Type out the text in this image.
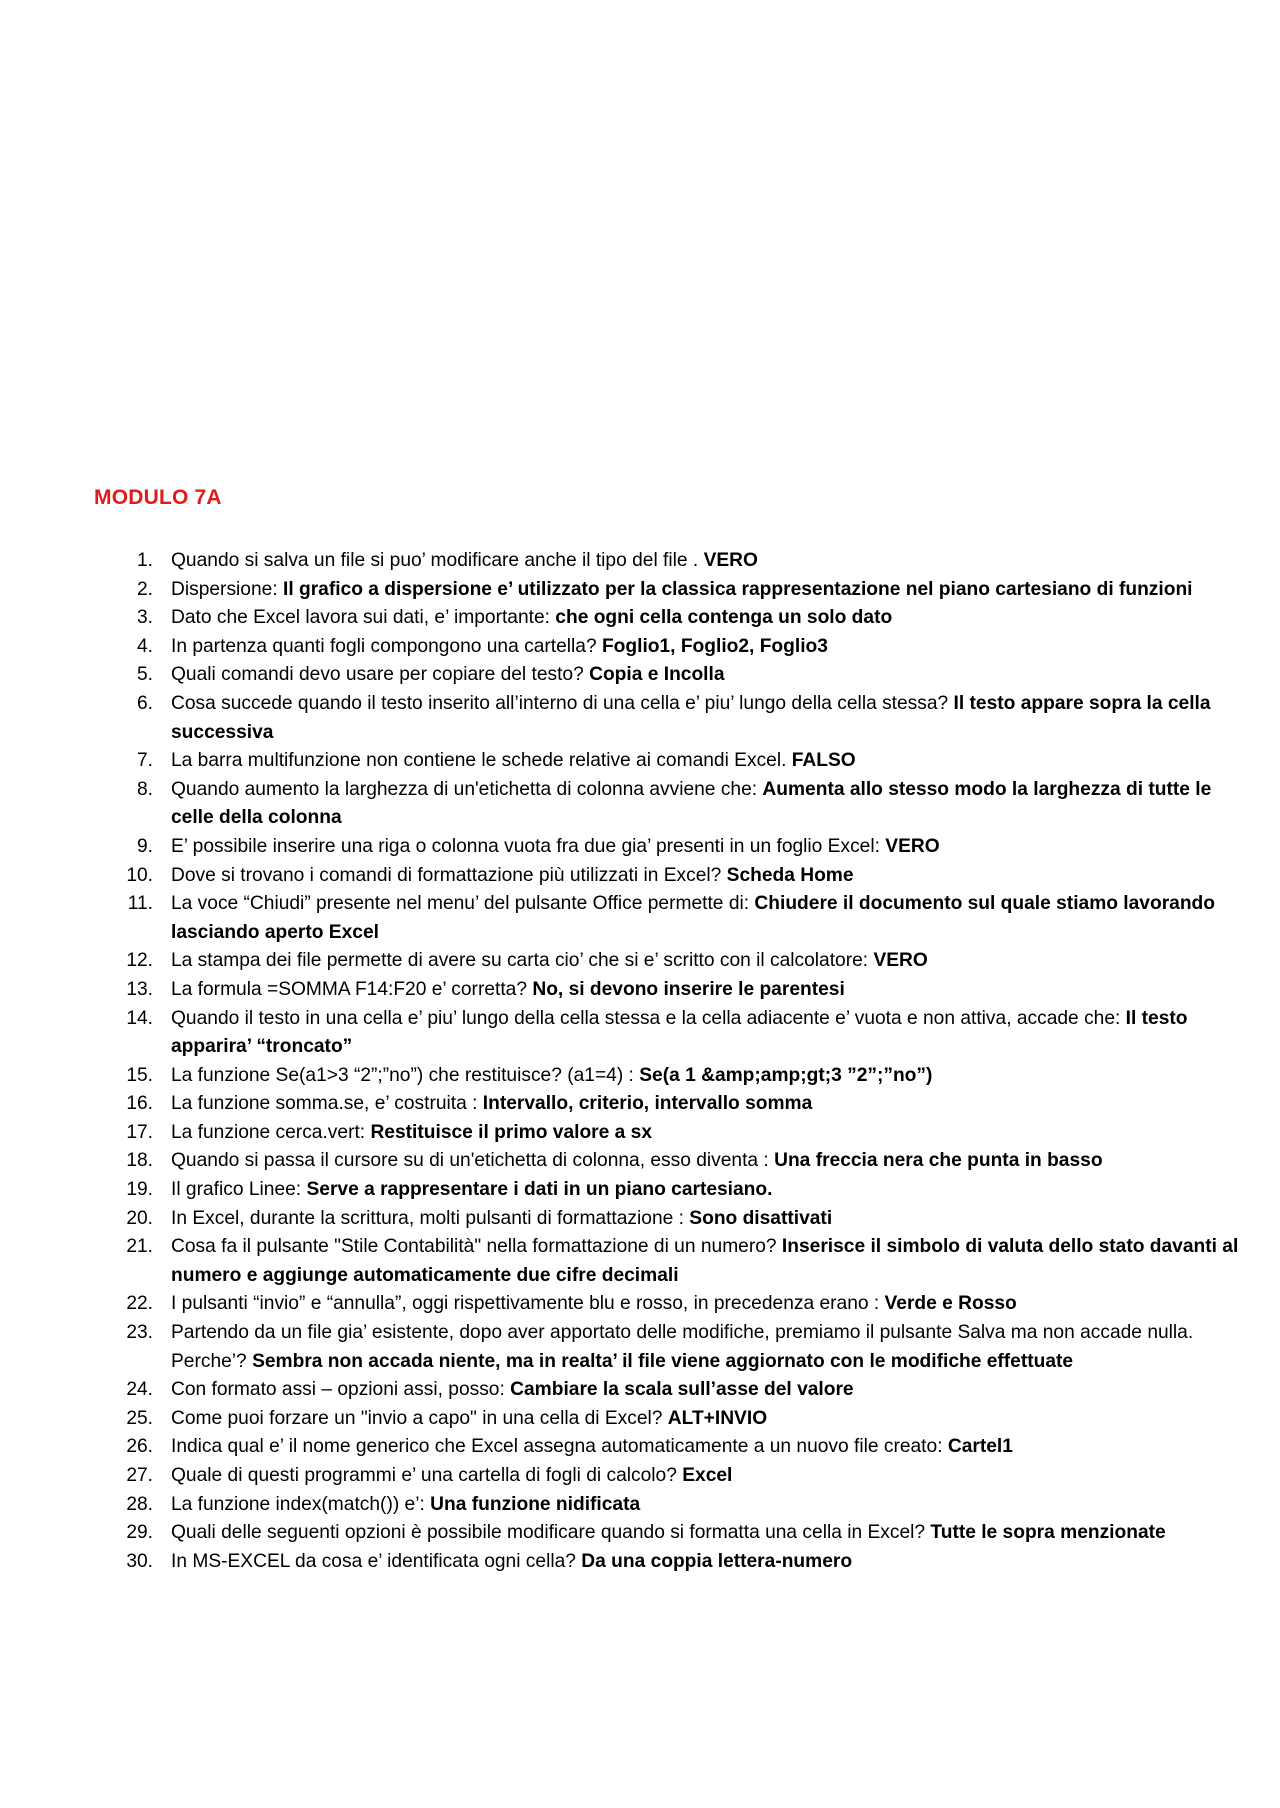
MODULO 7A
1. Quando si salva un file si puo’ modificare anche il tipo del file . VERO
2. Dispersione: Il grafico a dispersione e’ utilizzato per la classica rappresentazione nel piano cartesiano di funzioni
3. Dato che Excel lavora sui dati, e’ importante: che ogni cella contenga un solo dato
4. In partenza quanti fogli compongono una cartella? Foglio1, Foglio2, Foglio3
5. Quali comandi devo usare per copiare del testo? Copia e Incolla
6. Cosa succede quando il testo inserito all’interno di una cella e’ piu’ lungo della cella stessa? Il testo appare sopra la cella successiva
7. La barra multifunzione non contiene le schede relative ai comandi Excel. FALSO
8. Quando aumento la larghezza di un'etichetta di colonna avviene che: Aumenta allo stesso modo la larghezza di tutte le celle della colonna
9. E’ possibile inserire una riga o colonna vuota fra due gia’ presenti in un foglio Excel: VERO
10. Dove si trovano i comandi di formattazione più utilizzati in Excel? Scheda Home
11. La voce “Chiudi” presente nel menu’ del pulsante Office permette di: Chiudere il documento sul quale stiamo lavorando lasciando aperto Excel
12. La stampa dei file permette di avere su carta cio’ che si e’ scritto con il calcolatore: VERO
13. La formula =SOMMA F14:F20 e’ corretta? No, si devono inserire le parentesi
14. Quando il testo in una cella e’ piu’ lungo della cella stessa e la cella adiacente e’ vuota e non attiva, accade che: Il testo apparira’ “troncato”
15. La funzione Se(a1>3 “2”;”no”) che restituisce? (a1=4) : Se(a 1 &amp;amp;gt;3 ”2”;”no”)
16. La funzione somma.se, e’ costruita : Intervallo, criterio, intervallo somma
17. La funzione cerca.vert: Restituisce il primo valore a sx
18. Quando si passa il cursore su di un'etichetta di colonna, esso diventa : Una freccia nera che punta in basso
19. Il grafico Linee: Serve a rappresentare i dati in un piano cartesiano.
20. In Excel, durante la scrittura, molti pulsanti di formattazione : Sono disattivati
21. Cosa fa il pulsante "Stile Contabilità" nella formattazione di un numero? Inserisce il simbolo di valuta dello stato davanti al numero e aggiunge automaticamente due cifre decimali
22. I pulsanti “invio” e “annulla”, oggi rispettivamente blu e rosso, in precedenza erano : Verde e Rosso
23. Partendo da un file gia’ esistente, dopo aver apportato delle modifiche, premiamo il pulsante Salva ma non accade nulla. Perche’? Sembra non accada niente, ma in realta’ il file viene aggiornato con le modifiche effettuate
24. Con formato assi – opzioni assi, posso: Cambiare la scala sull’asse del valore
25. Come puoi forzare un "invio a capo" in una cella di Excel? ALT+INVIO
26. Indica qual e’ il nome generico che Excel assegna automaticamente a un nuovo file creato: Cartel1
27. Quale di questi programmi e’ una cartella di fogli di calcolo? Excel
28. La funzione index(match()) e’: Una funzione nidificata
29. Quali delle seguenti opzioni è possibile modificare quando si formatta una cella in Excel? Tutte le sopra menzionate
30. In MS-EXCEL da cosa e’ identificata ogni cella? Da una coppia lettera-numero
